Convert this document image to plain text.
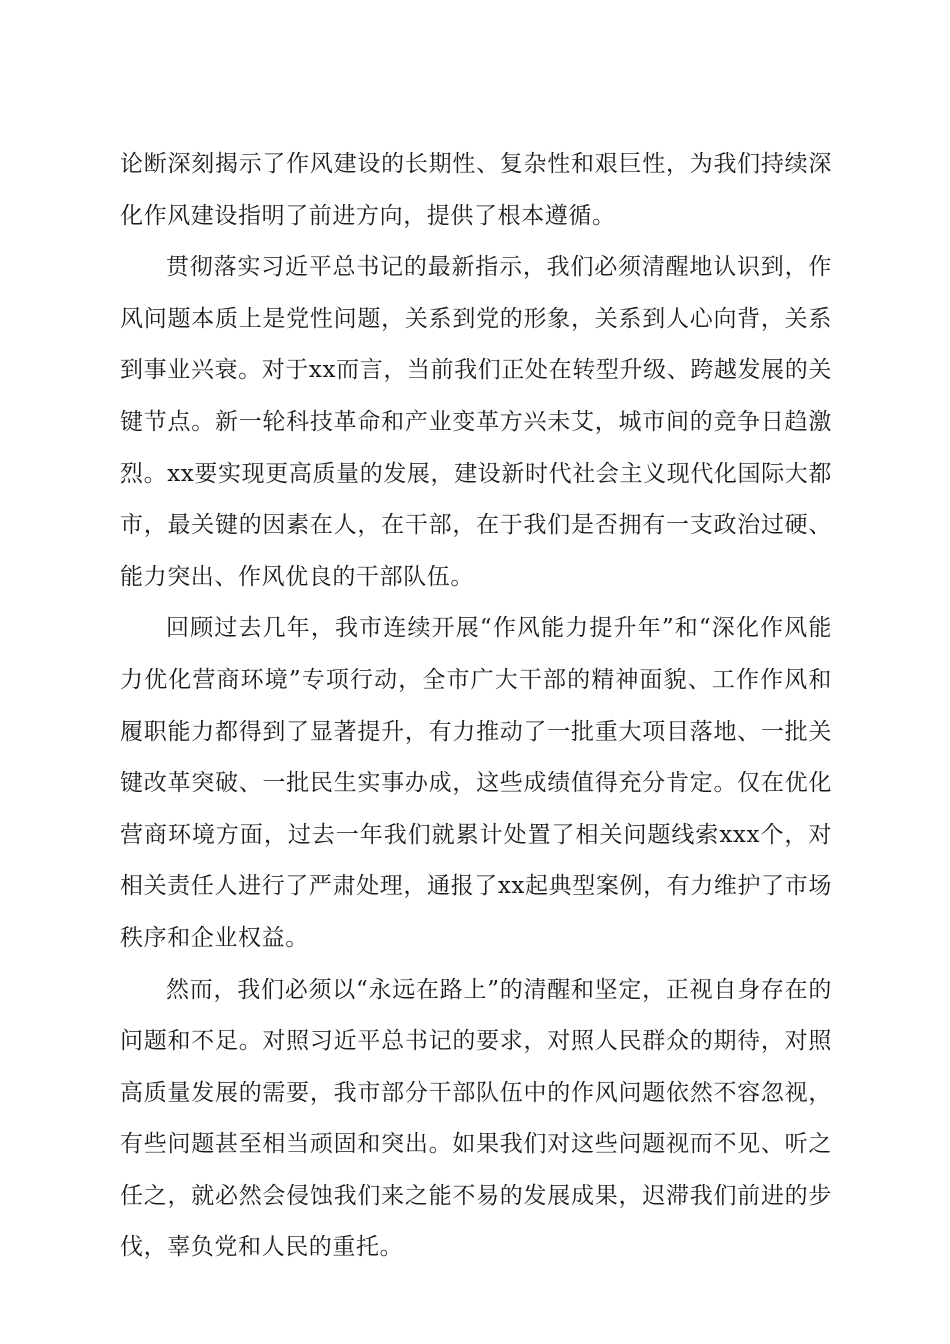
论断深刻揭示了作风建设的长期性、复杂性和艰巨性，为我们持续深化作风建设指明了前进方向，提供了根本遵循。

贯彻落实习近平总书记的最新指示，我们必须清醒地认识到，作风问题本质上是党性问题，关系到党的形象，关系到人心向背，关系到事业兴衰。对于xx而言，当前我们正处在转型升级、跨越发展的关键节点。新一轮科技革命和产业变革方兴未艾，城市间的竞争日趋激烈。xx要实现更高质量的发展，建设新时代社会主义现代化国际大都市，最关键的因素在人，在干部，在于我们是否拥有一支政治过硬、能力突出、作风优良的干部队伍。

回顾过去几年，我市连续开展“作风能力提升年”和“深化作风能力优化营商环境”专项行动，全市广大干部的精神面貌、工作作风和履职能力都得到了显著提升，有力推动了一批重大项目落地、一批关键改革突破、一批民生实事办成，这些成绩值得充分肯定。仅在优化营商环境方面，过去一年我们就累计处置了相关问题线索xxx个，对相关责任人进行了严肃处理，通报了xx起典型案例，有力维护了市场秩序和企业权益。

然而，我们必须以“永远在路上”的清醒和坚定，正视自身存在的问题和不足。对照习近平总书记的要求，对照人民群众的期待，对照高质量发展的需要，我市部分干部队伍中的作风问题依然不容忽视，有些问题甚至相当顽固和突出。如果我们对这些问题视而不见、听之任之，就必然会侵蚀我们来之能不易的发展成果，迟滞我们前进的步伐，辜负党和人民的重托。
